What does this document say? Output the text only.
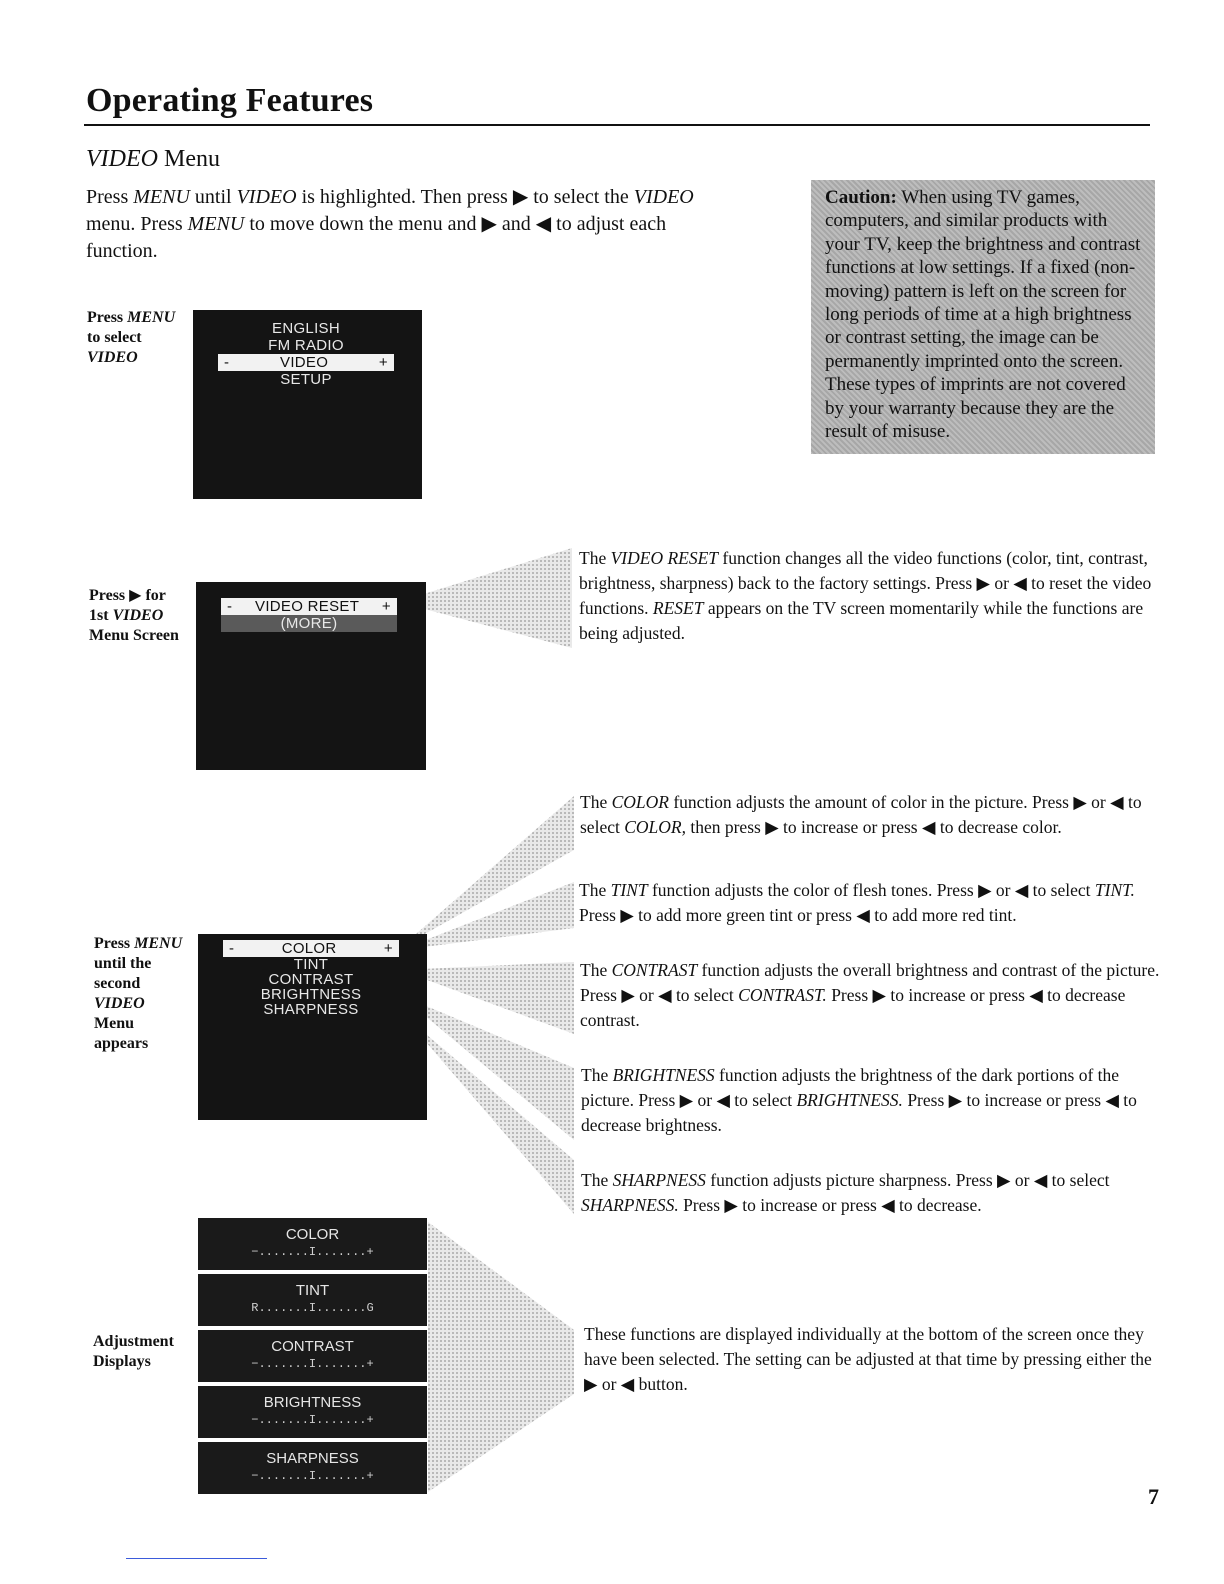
Operating Features
VIDEO Menu
Press MENU until VIDEO is highlighted. Then press ▶ to select the VIDEO menu. Press MENU to move down the menu and ▶ and ◀ to adjust each function.
Press MENU to select VIDEO
ENGLISH
FM RADIO
-	VIDEO	+
SETUP
Caution: When using TV games, computers, and similar products with your TV, keep the brightness and contrast functions at low settings. If a fixed (non-moving) pattern is left on the screen for long periods of time at a high brightness or contrast setting, the image can be permanently imprinted onto the screen. These types of imprints are not covered by your warranty because they are the result of misuse.
Press ▶ for 1st VIDEO Menu Screen
- VIDEO RESET +
(MORE)
The VIDEO RESET function changes all the video functions (color, tint, contrast, brightness, sharpness) back to the factory settings. Press ▶ or ◀ to reset the video functions. RESET appears on the TV screen momentarily while the functions are being adjusted.
Press MENU until the second VIDEO Menu appears
-	COLOR	+
TINT
CONTRAST
BRIGHTNESS
SHARPNESS
The COLOR function adjusts the amount of color in the picture. Press ▶ or ◀ to select COLOR, then press ▶ to increase or press ◀ to decrease color.
The TINT function adjusts the color of flesh tones. Press ▶ or ◀ to select TINT. Press ▶ to add more green tint or press ◀ to add more red tint.
The CONTRAST function adjusts the overall brightness and contrast of the picture. Press ▶ or ◀ to select CONTRAST. Press ▶ to increase or press ◀ to decrease contrast.
The BRIGHTNESS function adjusts the brightness of the dark portions of the picture. Press ▶ or ◀ to select BRIGHTNESS. Press ▶ to increase or press ◀ to decrease brightness.
The SHARPNESS function adjusts picture sharpness. Press ▶ or ◀ to select SHARPNESS. Press ▶ to increase or press ◀ to decrease.
Adjustment Displays
COLOR
−.......I.......+
TINT
R.......I.......G
CONTRAST
−.......I.......+
BRIGHTNESS
−.......I.......+
SHARPNESS
−.......I.......+
These functions are displayed individually at the bottom of the screen once they have been selected. The setting can be adjusted at that time by pressing either the ▶ or ◀ button.
7
